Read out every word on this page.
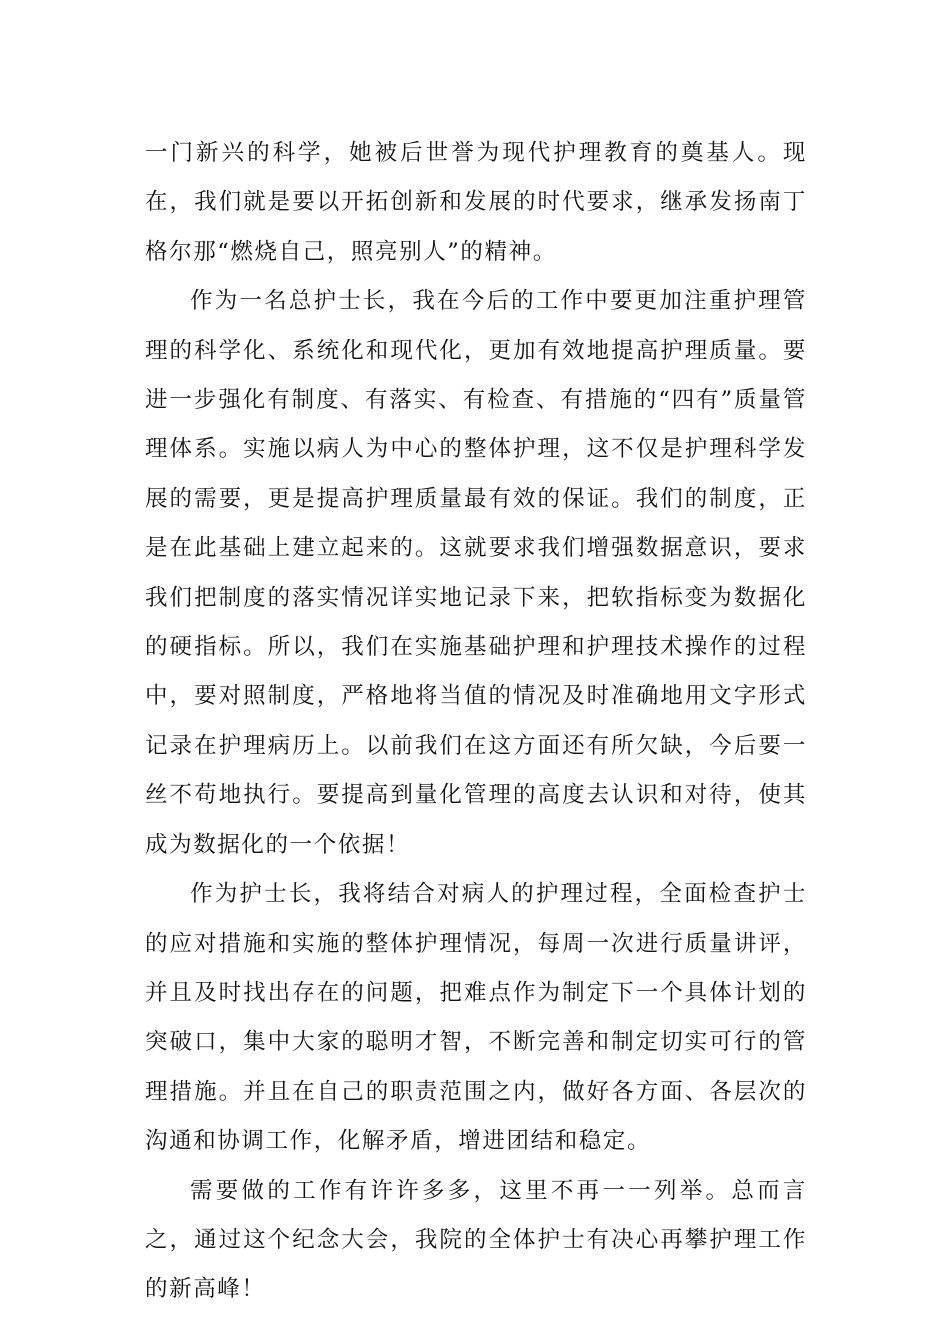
一门新兴的科学，她被后世誉为现代护理教育的奠基人。现在，我们就是要以开拓创新和发展的时代要求，继承发扬南丁格尔那“燃烧自己，照亮别人”的精神。

作为一名总护士长，我在今后的工作中要更加注重护理管理的科学化、系统化和现代化，更加有效地提高护理质量。要进一步强化有制度、有落实、有检查、有措施的“四有”质量管理体系。实施以病人为中心的整体护理，这不仅是护理科学发展的需要，更是提高护理质量最有效的保证。我们的制度，正是在此基础上建立起来的。这就要求我们增强数据意识，要求我们把制度的落实情况详实地记录下来，把软指标变为数据化的硬指标。所以，我们在实施基础护理和护理技术操作的过程中，要对照制度，严格地将当值的情况及时准确地用文字形式记录在护理病历上。以前我们在这方面还有所欠缺，今后要一丝不苟地执行。要提高到量化管理的高度去认识和对待，使其成为数据化的一个依据！

作为护士长，我将结合对病人的护理过程，全面检查护士的应对措施和实施的整体护理情况，每周一次进行质量讲评，并且及时找出存在的问题，把难点作为制定下一个具体计划的突破口，集中大家的聪明才智，不断完善和制定切实可行的管理措施。并且在自己的职责范围之内，做好各方面、各层次的沟通和协调工作，化解矛盾，增进团结和稳定。

需要做的工作有许许多多，这里不再一一列举。总而言之，通过这个纪念大会，我院的全体护士有决心再攀护理工作的新高峰！
